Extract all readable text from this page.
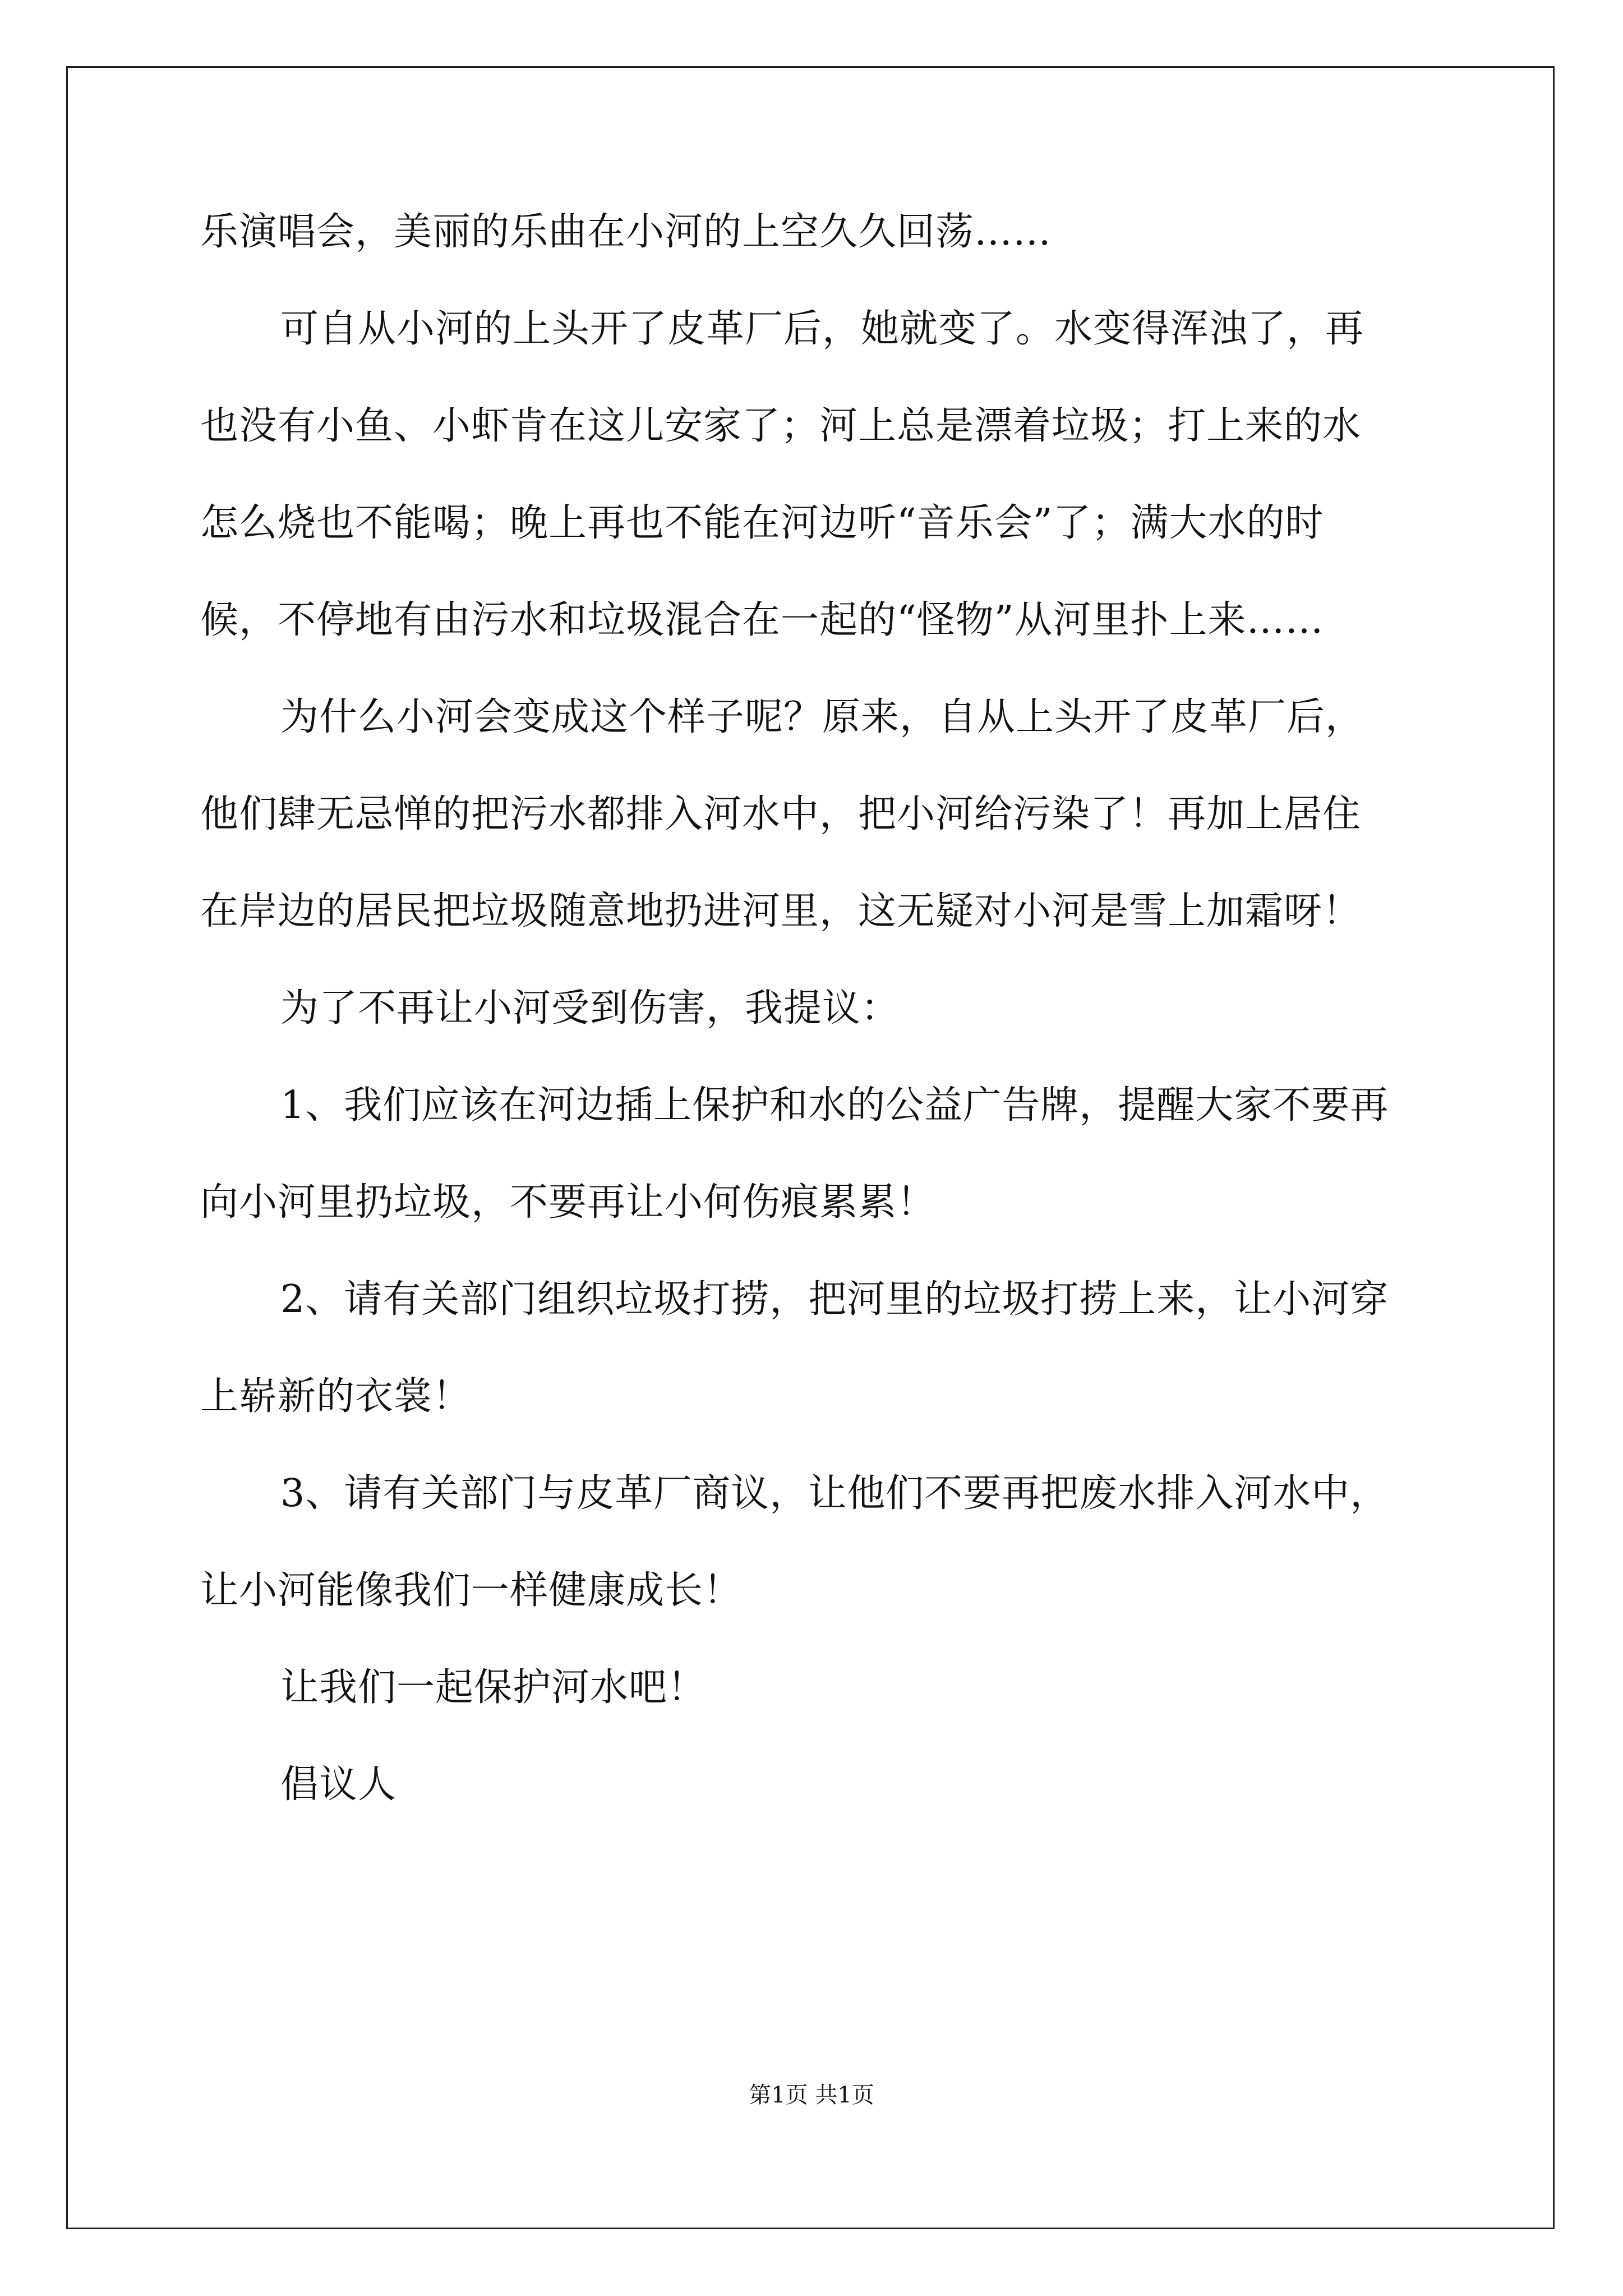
乐演唱会，美丽的乐曲在小河的上空久久回荡……
可自从小河的上头开了皮革厂后，她就变了。水变得浑浊了，再
也没有小鱼、小虾肯在这儿安家了；河上总是漂着垃圾；打上来的水
怎么烧也不能喝；晚上再也不能在河边听“音乐会”了；满大水的时
候，不停地有由污水和垃圾混合在一起的“怪物”从河里扑上来……
为什么小河会变成这个样子呢？原来，自从上头开了皮革厂后，
他们肆无忌惮的把污水都排入河水中，把小河给污染了！再加上居住
在岸边的居民把垃圾随意地扔进河里，这无疑对小河是雪上加霜呀！
为了不再让小河受到伤害，我提议：
1、我们应该在河边插上保护和水的公益广告牌，提醒大家不要再
向小河里扔垃圾，不要再让小何伤痕累累！
2、请有关部门组织垃圾打捞，把河里的垃圾打捞上来，让小河穿
上崭新的衣裳！
3、请有关部门与皮革厂商议，让他们不要再把废水排入河水中，
让小河能像我们一样健康成长！
让我们一起保护河水吧！
倡议人
第1页 共1页
